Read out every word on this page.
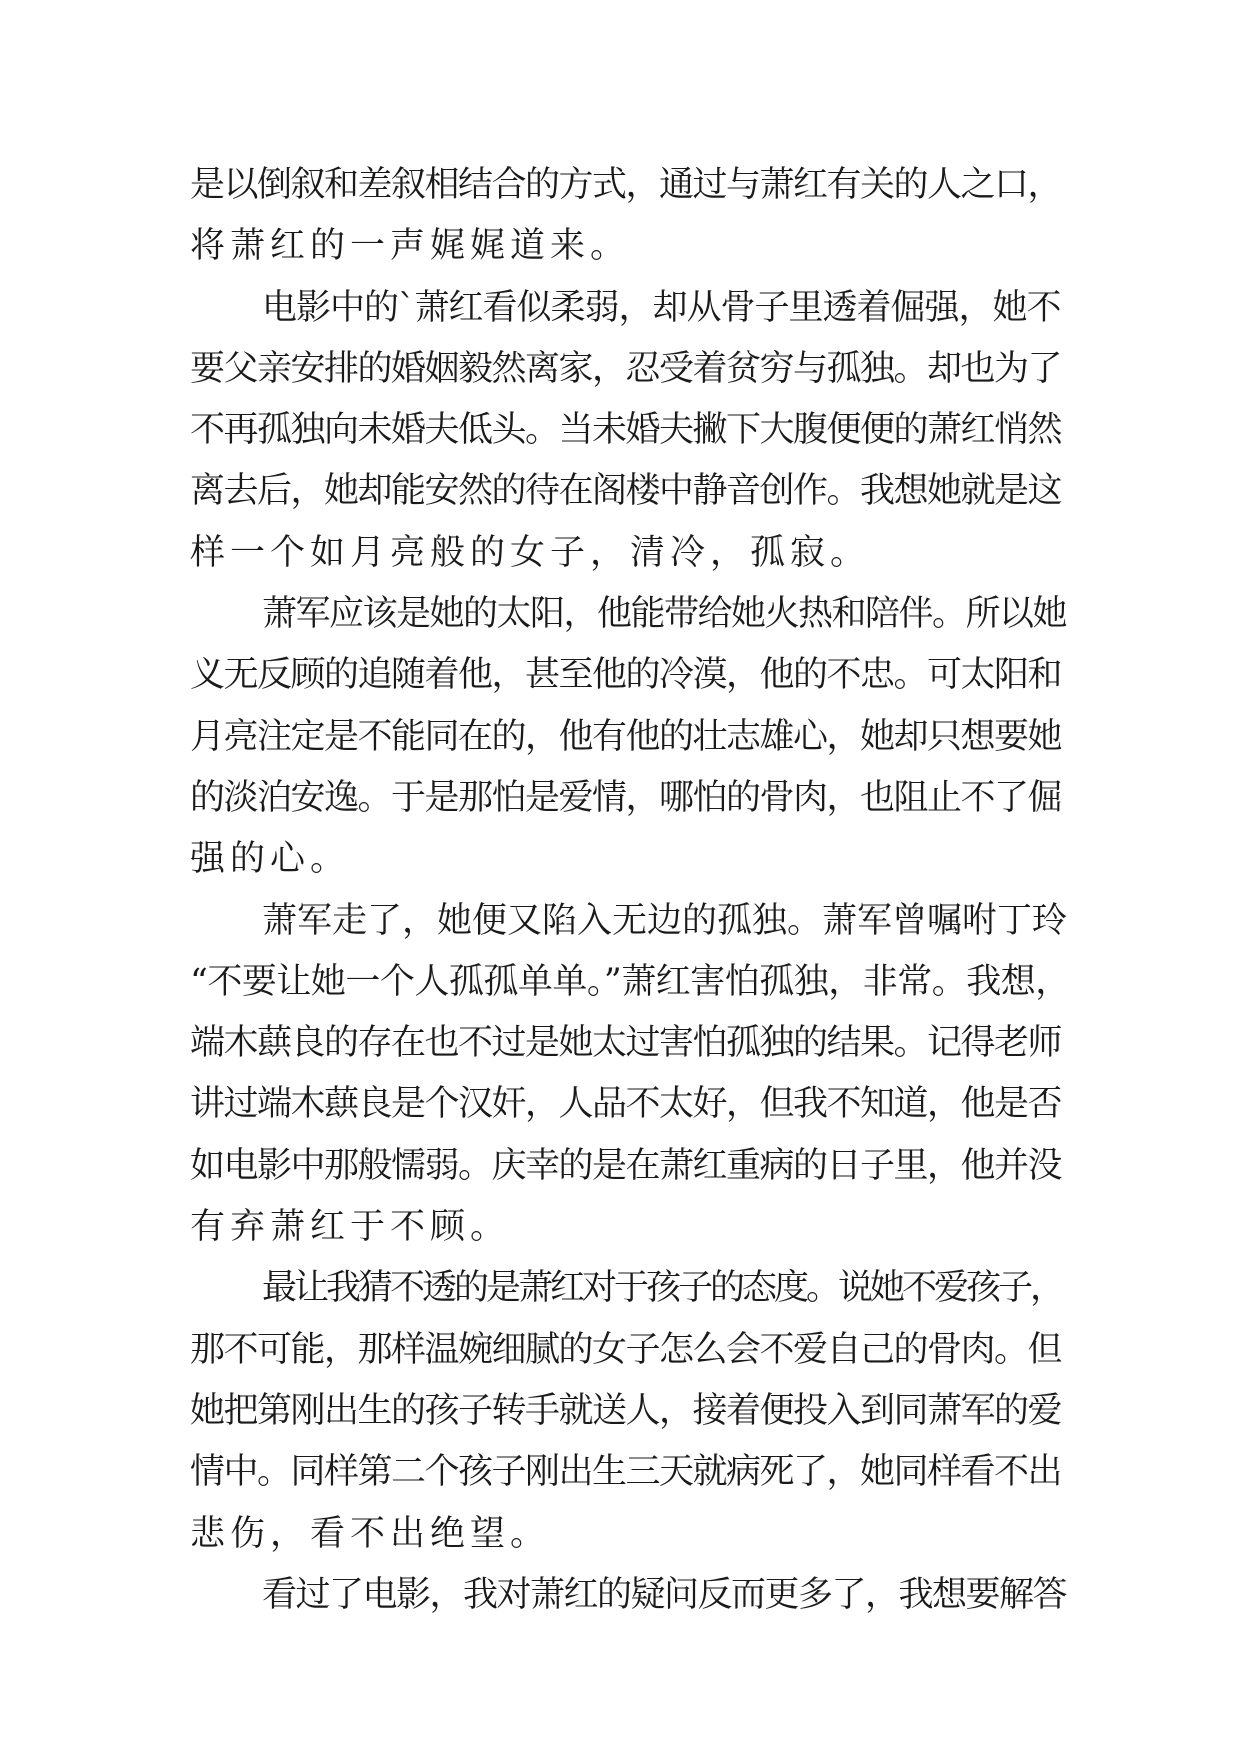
是以倒叙和差叙相结合的方式，通过与萧红有关的人之口，
将萧红的一声娓娓道来。
电影中的`萧红看似柔弱，却从骨子里透着倔强，她不
要父亲安排的婚姻毅然离家，忍受着贫穷与孤独。却也为了
不再孤独向未婚夫低头。当未婚夫撇下大腹便便的萧红悄然
离去后，她却能安然的待在阁楼中静音创作。我想她就是这
样一个如月亮般的女子，清冷，孤寂。
萧军应该是她的太阳，他能带给她火热和陪伴。所以她
义无反顾的追随着他，甚至他的冷漠，他的不忠。可太阳和
月亮注定是不能同在的，他有他的壮志雄心，她却只想要她
的淡泊安逸。于是那怕是爱情，哪怕的骨肉，也阻止不了倔
强的心。
萧军走了，她便又陷入无边的孤独。萧军曾嘱咐丁玲
“不要让她一个人孤孤单单。”萧红害怕孤独，非常。我想，
端木蕻良的存在也不过是她太过害怕孤独的结果。记得老师
讲过端木蕻良是个汉奸，人品不太好，但我不知道，他是否
如电影中那般懦弱。庆幸的是在萧红重病的日子里，他并没
有弃萧红于不顾。
最让我猜不透的是萧红对于孩子的态度。说她不爱孩子，
那不可能，那样温婉细腻的女子怎么会不爱自己的骨肉。但
她把第刚出生的孩子转手就送人，接着便投入到同萧军的爱
情中。同样第二个孩子刚出生三天就病死了，她同样看不出
悲伤，看不出绝望。
看过了电影，我对萧红的疑问反而更多了，我想要解答
